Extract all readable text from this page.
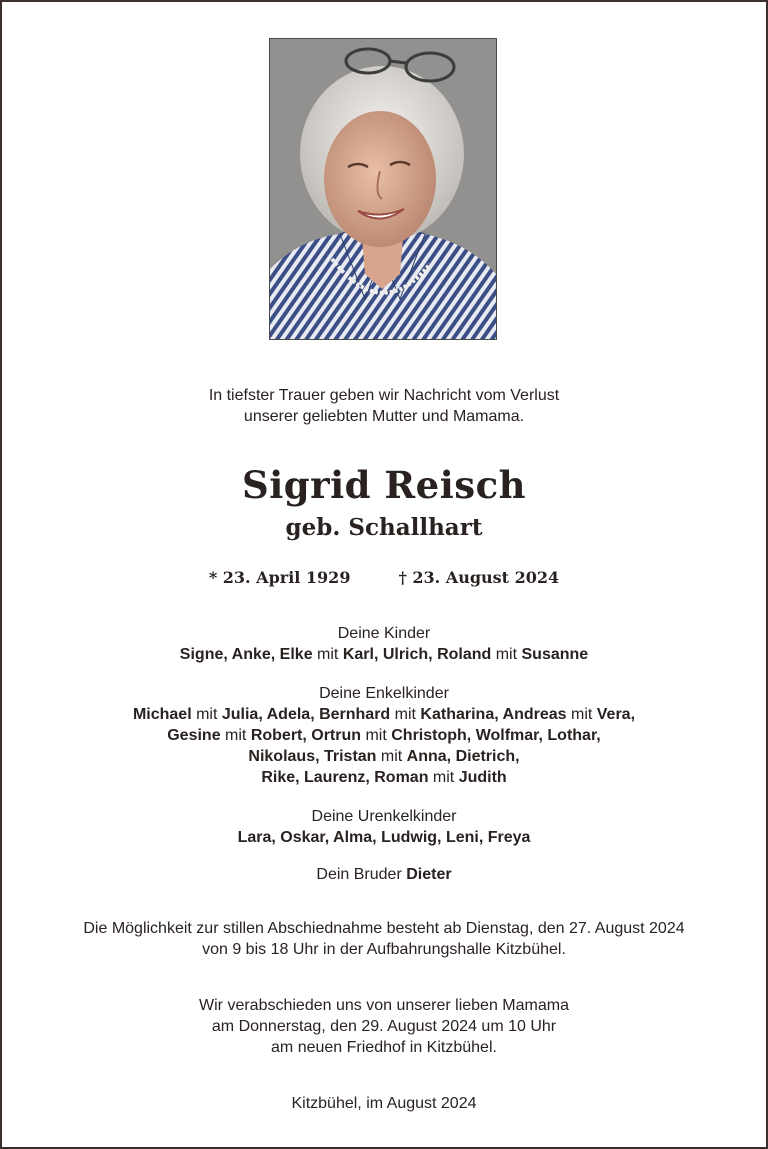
In tiefster Trauer geben wir Nachricht vom Verlust
unserer geliebten Mutter und Mamama.
Sigrid Reisch
geb. Schallhart
* 23. April 1929	† 23. August 2024
Deine Kinder
Signe, Anke, Elke mit Karl, Ulrich, Roland mit Susanne
Deine Enkelkinder
Michael mit Julia, Adela, Bernhard mit Katharina, Andreas mit Vera,
Gesine mit Robert, Ortrun mit Christoph, Wolfmar, Lothar,
Nikolaus, Tristan mit Anna, Dietrich,
Rike, Laurenz, Roman mit Judith
Deine Urenkelkinder
Lara, Oskar, Alma, Ludwig, Leni, Freya
Dein Bruder Dieter
Die Möglichkeit zur stillen Abschiednahme besteht ab Dienstag, den 27. August 2024
von 9 bis 18 Uhr in der Aufbahrungshalle Kitzbühel.
Wir verabschieden uns von unserer lieben Mamama
am Donnerstag, den 29. August 2024 um 10 Uhr
am neuen Friedhof in Kitzbühel.
Kitzbühel, im August 2024
